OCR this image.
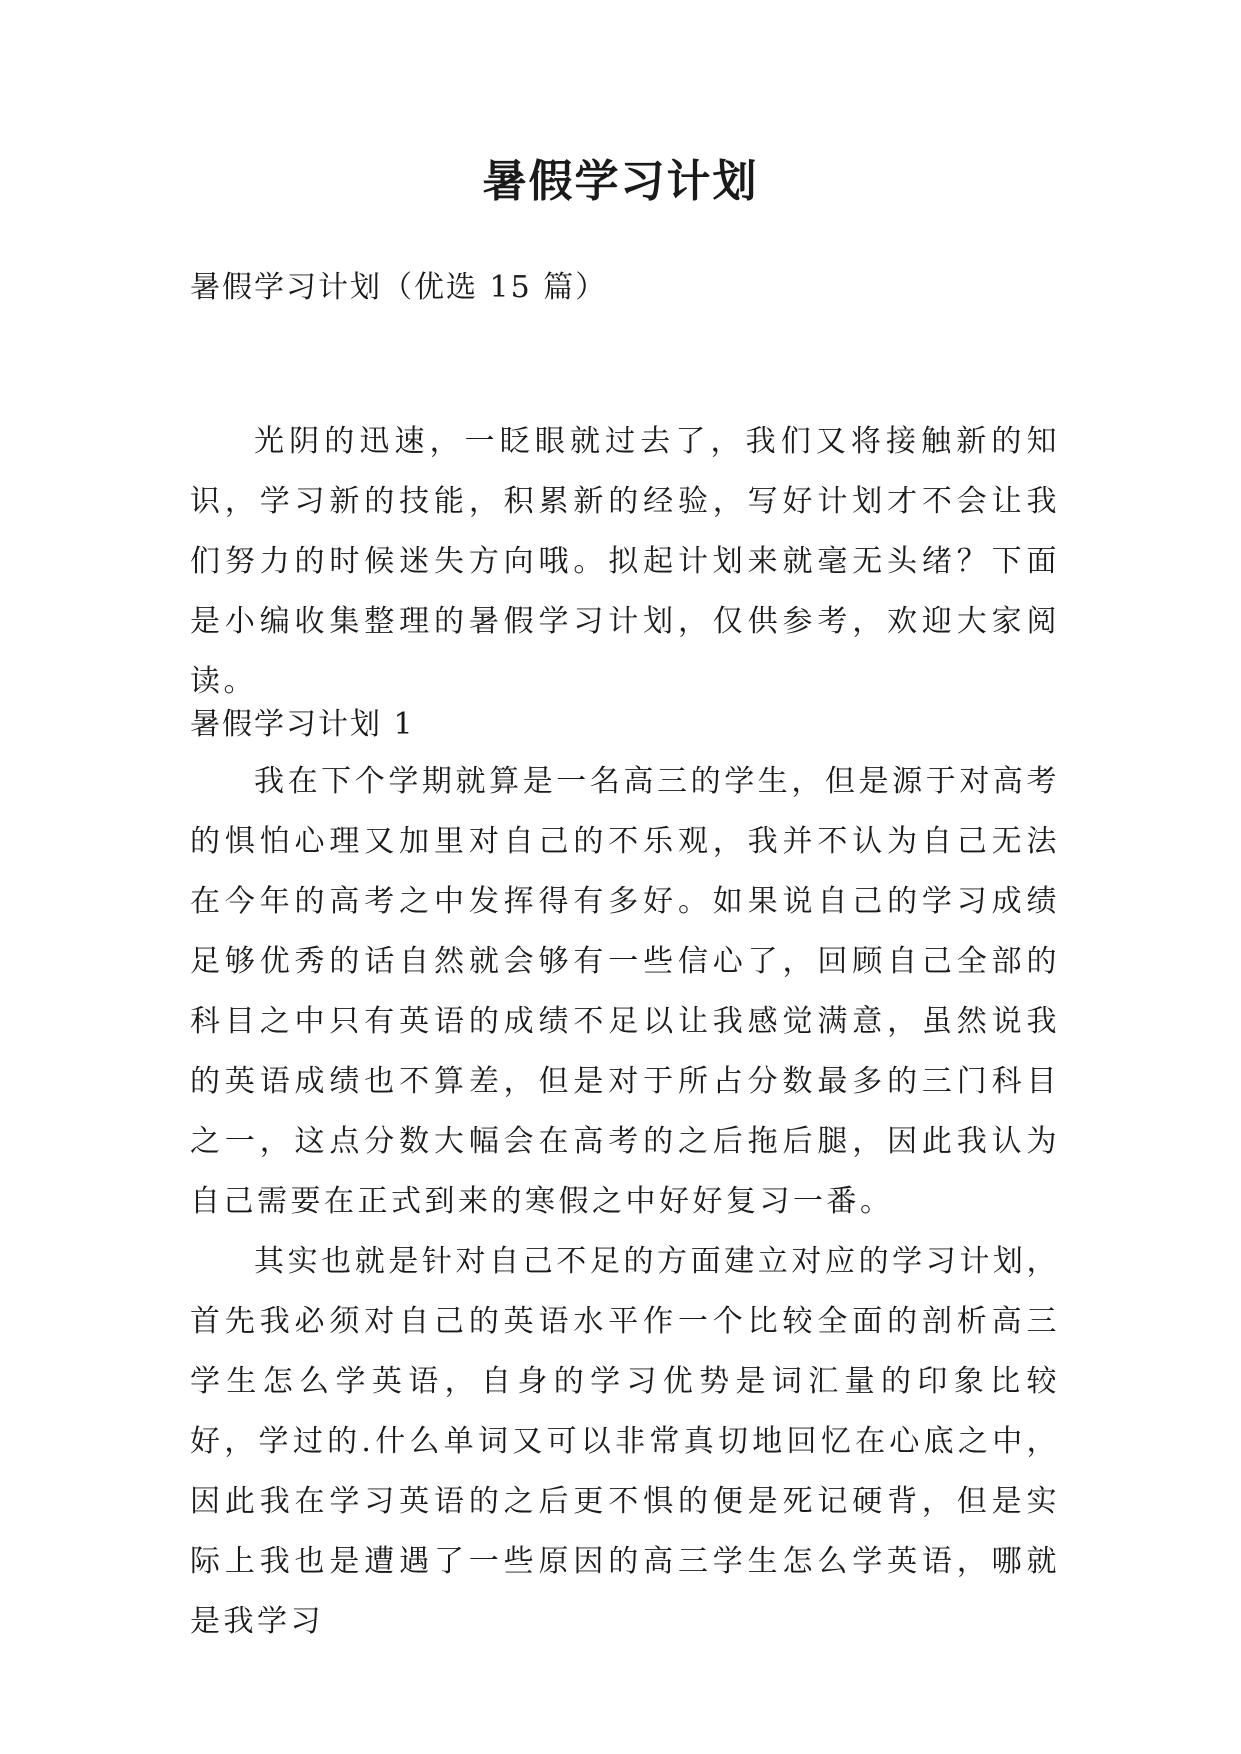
暑假学习计划

暑假学习计划（优选 15 篇）

光阴的迅速，一眨眼就过去了，我们又将接触新的知识，学习新的技能，积累新的经验，写好计划才不会让我们努力的时候迷失方向哦。拟起计划来就毫无头绪？下面是小编收集整理的暑假学习计划，仅供参考，欢迎大家阅读。

暑假学习计划 1

我在下个学期就算是一名高三的学生，但是源于对高考的惧怕心理又加里对自己的不乐观，我并不认为自己无法在今年的高考之中发挥得有多好。如果说自己的学习成绩足够优秀的话自然就会够有一些信心了，回顾自己全部的科目之中只有英语的成绩不足以让我感觉满意，虽然说我的英语成绩也不算差，但是对于所占分数最多的三门科目之一，这点分数大幅会在高考的之后拖后腿，因此我认为自己需要在正式到来的寒假之中好好复习一番。

其实也就是针对自己不足的方面建立对应的学习计划，首先我必须对自己的英语水平作一个比较全面的剖析高三学生怎么学英语，自身的学习优势是词汇量的印象比较好，学过的.什么单词又可以非常真切地回忆在心底之中，因此我在学习英语的之后更不惧的便是死记硬背，但是实际上我也是遭遇了一些原因的高三学生怎么学英语，哪就是我学习
